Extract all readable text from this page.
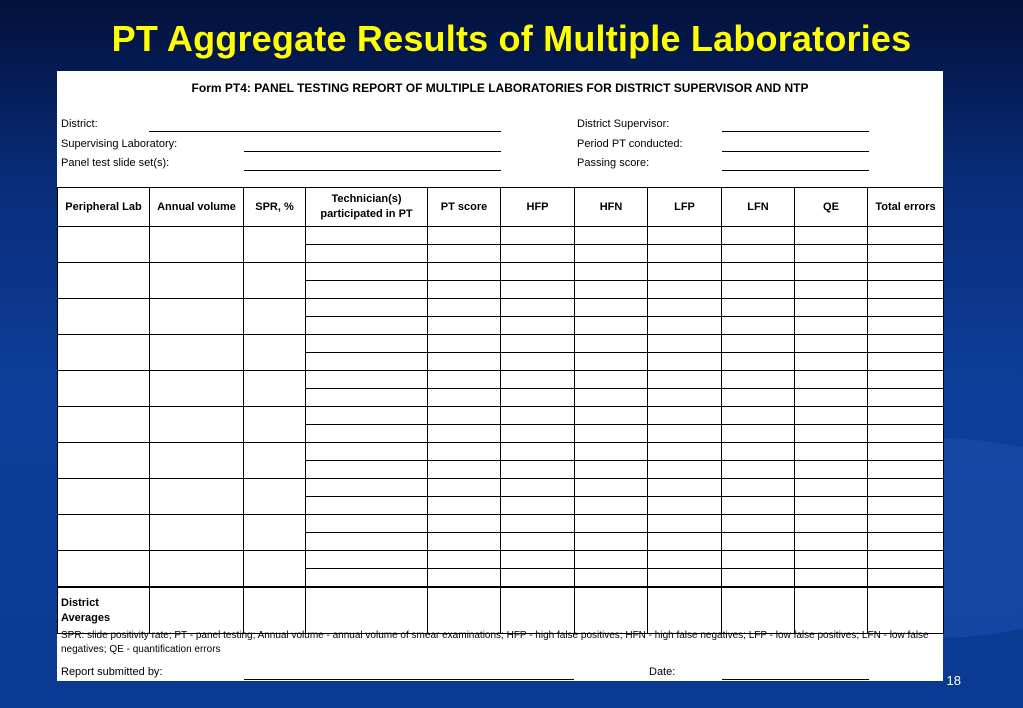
PT Aggregate Results of Multiple Laboratories
Form PT4: PANEL TESTING REPORT OF MULTIPLE LABORATORIES FOR DISTRICT SUPERVISOR AND NTP
District:
Supervising Laboratory:
Panel test slide set(s):
District Supervisor:
Period PT conducted:
Passing score:
Peripheral Lab	Annual volume	SPR, %	Technician(s) participated in PT	PT score	HFP	HFN	LFP	LFN	QE	Total errors

District Averages										
SPR: slide positivity rate; PT - panel testing; Annual volume - annual volume of smear examinations; HFP - high false positives; HFN - high false negatives; LFP - low false positives; LFN - low false negatives; QE - quantification errors
Report submitted by:	Date:
18
